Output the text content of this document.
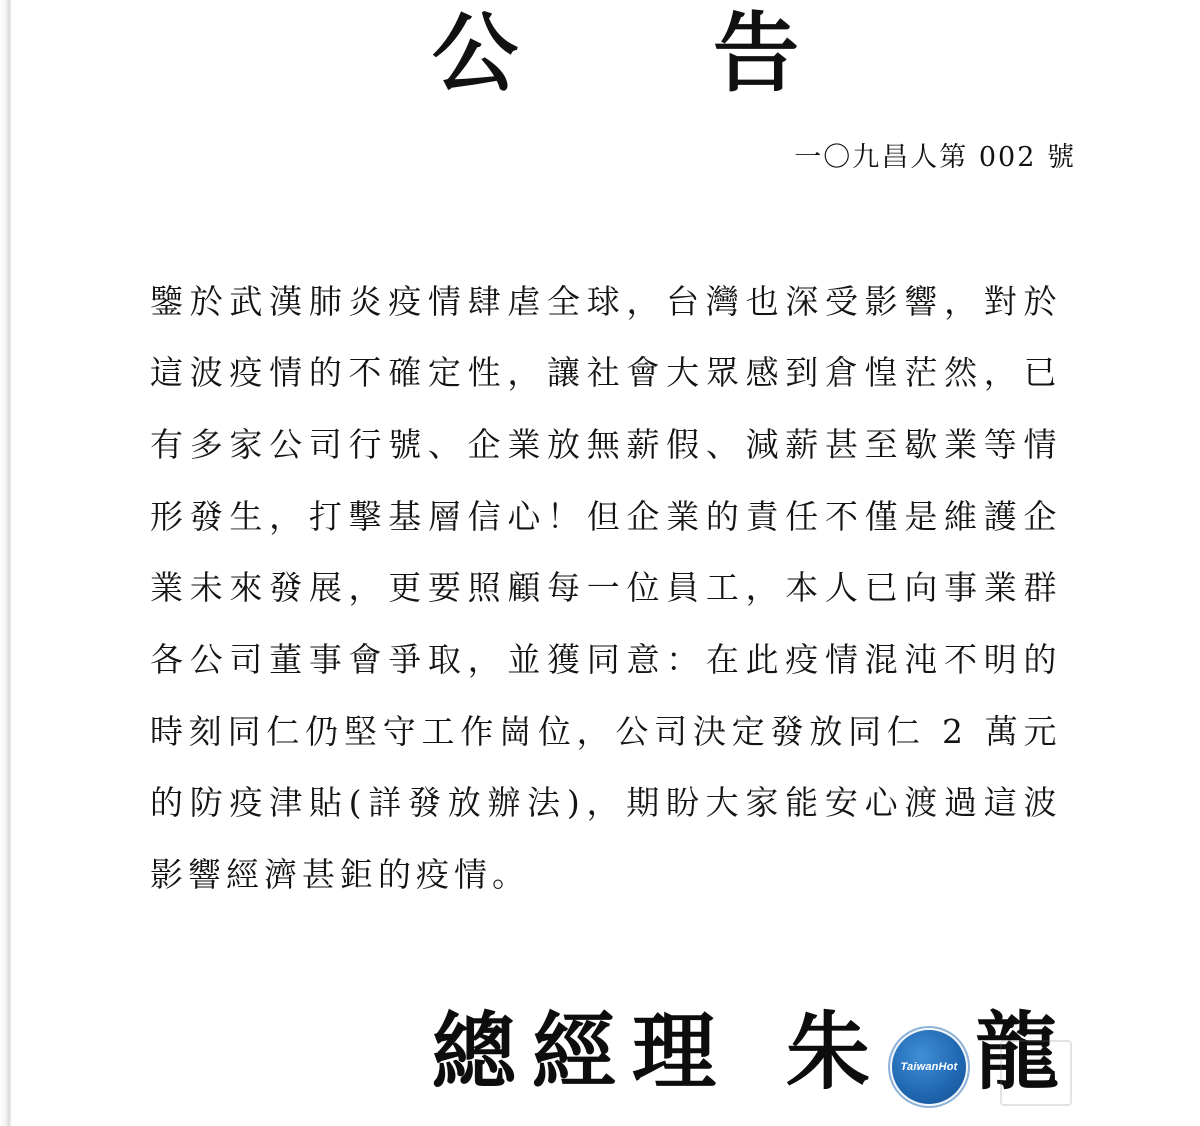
公 告
一〇九昌人第 002 號
鑒於武漢肺炎疫情肆虐全球，台灣也深受影響，對於
這波疫情的不確定性，讓社會大眾感到倉惶茫然，已
有多家公司行號、企業放無薪假、減薪甚至歇業等情
形發生，打擊基層信心！但企業的責任不僅是維護企
業未來發展，更要照顧每一位員工，本人已向事業群
各公司董事會爭取，並獲同意：在此疫情混沌不明的
時刻同仁仍堅守工作崗位，公司決定發放同仁 2 萬元
的防疫津貼(詳發放辦法)，期盼大家能安心渡過這波
影響經濟甚鉅的疫情。
總經理 朱 龍
TaiwanHot
